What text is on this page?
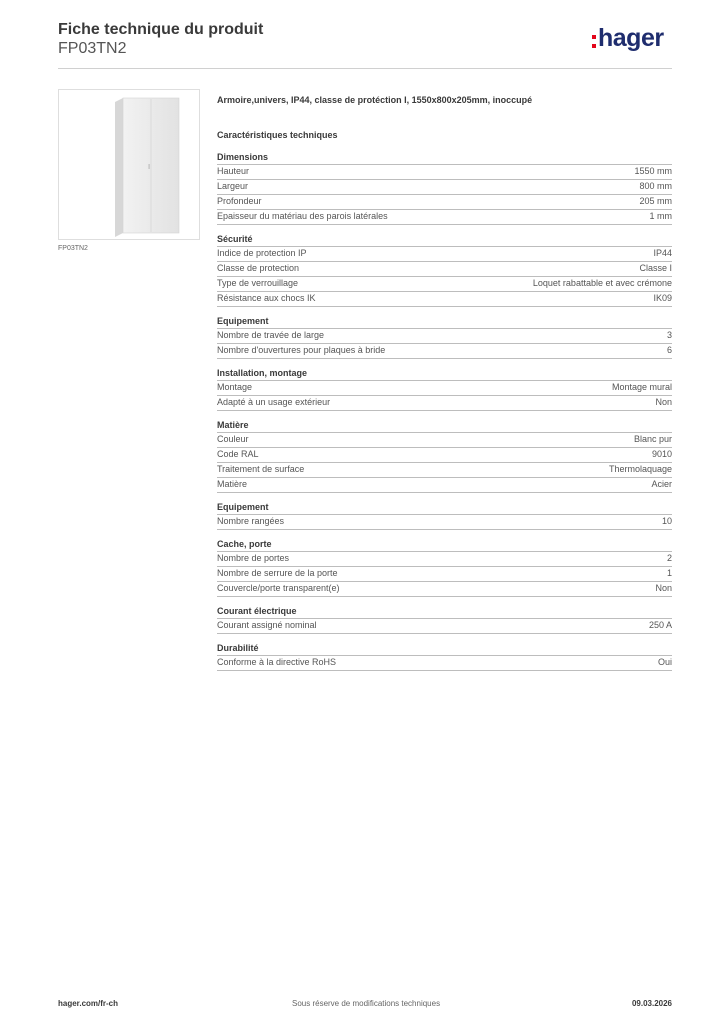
Fiche technique du produit
FP03TN2	hager
FP03TN2
Armoire,univers, IP44, classe de protéction I, 1550x800x205mm, inoccupé
Caractéristiques techniques
Dimensions
Hauteur	1550 mm
Largeur	800 mm
Profondeur	205 mm
Epaisseur du matériau des parois latérales	1 mm
Sécurité
Indice de protection IP	IP44
Classe de protection	Classe I
Type de verrouillage	Loquet rabattable et avec crémone
Résistance aux chocs IK	IK09
Equipement
Nombre de travée de large	3
Nombre d'ouvertures pour plaques à bride	6
Installation, montage
Montage	Montage mural
Adapté à un usage extérieur	Non
Matière
Couleur	Blanc pur
Code RAL	9010
Traitement de surface	Thermolaquage
Matière	Acier
Equipement
Nombre rangées	10
Cache, porte
Nombre de portes	2
Nombre de serrure de la porte	1
Couvercle/porte transparent(e)	Non
Courant électrique
Courant assigné nominal	250 A
Durabilité
Conforme à la directive RoHS	Oui
hager.com/fr-ch	Sous réserve de modifications techniques	09.03.2026
